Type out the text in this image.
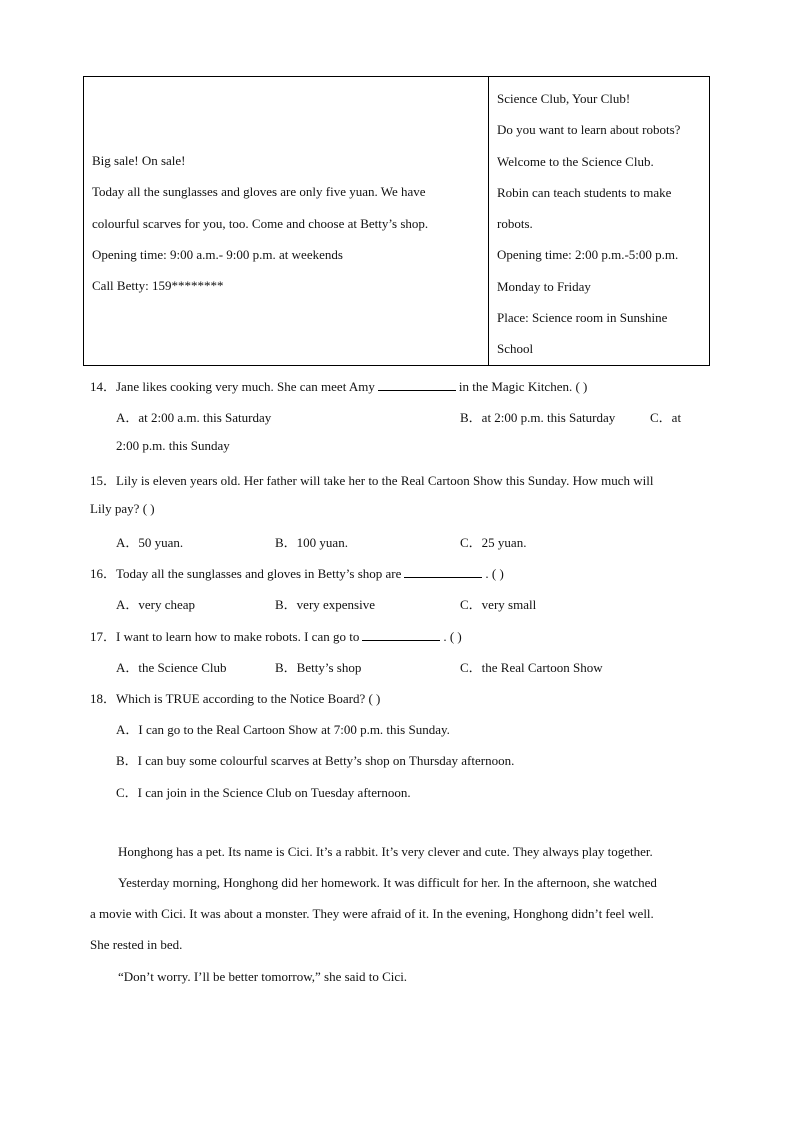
Big sale! On sale!
Today all the sunglasses and gloves are only five yuan. We have
colourful scarves for you, too. Come and choose at Betty’s shop.
Opening time: 9:00 a.m.- 9:00 p.m. at weekends
Call Betty: 159********
Science Club, Your Club!
Do you want to learn about robots?
Welcome to the Science Club.
Robin can teach students to make
robots.
Opening time: 2:00 p.m.-5:00 p.m.
Monday to Friday
Place: Science room in Sunshine
School
14．Jane likes cooking very much. She can meet Amy	in the Magic Kitchen. ( )
A．at 2:00 a.m. this Saturday	B．at 2:00 p.m. this Saturday	C．at
2:00 p.m. this Sunday
15．Lily is eleven years old. Her father will take her to the Real Cartoon Show this Sunday. How much will
Lily pay? ( )
A．50 yuan.	B．100 yuan.	C．25 yuan.
16．Today all the sunglasses and gloves in Betty’s shop are	. ( )
A．very cheap	B．very expensive	C．very small
17．I want to learn how to make robots. I can go to	. ( )
A．the Science Club	B．Betty’s shop	C．the Real Cartoon Show
18．Which is TRUE according to the Notice Board? ( )
A．I can go to the Real Cartoon Show at 7:00 p.m. this Sunday.
B．I can buy some colourful scarves at Betty’s shop on Thursday afternoon.
C．I can join in the Science Club on Tuesday afternoon.
Honghong has a pet. Its name is Cici. It’s a rabbit. It’s very clever and cute. They always play together.
Yesterday morning, Honghong did her homework. It was difficult for her. In the afternoon, she watched
a movie with Cici. It was about a monster. They were afraid of it. In the evening, Honghong didn’t feel well.
She rested in bed.
“Don’t worry. I’ll be better tomorrow,” she said to Cici.
